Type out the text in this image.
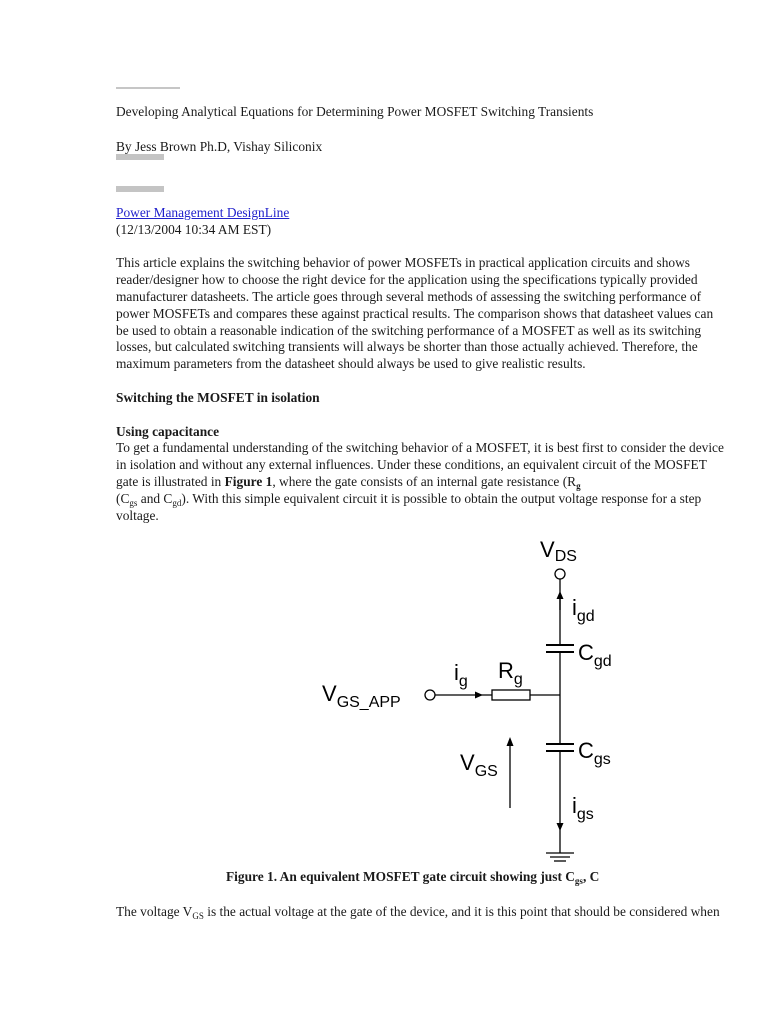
Developing Analytical Equations for Determining Power MOSFET Switching Transients
By Jess Brown Ph.D, Vishay Siliconix
Power Management DesignLine
(12/13/2004 10:34 AM EST)
This article explains the switching behavior of power MOSFETs in practical application circuits and shows
reader/designer how to choose the right device for the application using the specifications typically provided
manufacturer datasheets. The article goes through several methods of assessing the switching performance of
power MOSFETs and compares these against practical results. The comparison shows that datasheet values can
be used to obtain a reasonable indication of the switching performance of a MOSFET as well as its switching
losses, but calculated switching transients will always be shorter than those actually achieved. Therefore, the
maximum parameters from the datasheet should always be used to give realistic results.
Switching the MOSFET in isolation
Using capacitance
To get a fundamental understanding of the switching behavior of a MOSFET, it is best first to consider the device
in isolation and without any external influences. Under these conditions, an equivalent circuit of the MOSFET
gate is illustrated in Figure 1, where the gate consists of an internal gate resistance ($R_g$
($C_{gs}$ and $C_{gd}$). With this simple equivalent circuit it is possible to obtain the output voltage response for a step
voltage.
VDS
$i_{gd}$
$C_{gd}$
$i_g$ $R_g$
$V_{GS\_APP}$
$V_{GS}$
$C_{gs}$
$i_{gs}$
Figure 1. An equivalent MOSFET gate circuit showing just $C_{gs}$, C
The voltage $V_{GS}$ is the actual voltage at the gate of the device, and it is this point that should be considered when
